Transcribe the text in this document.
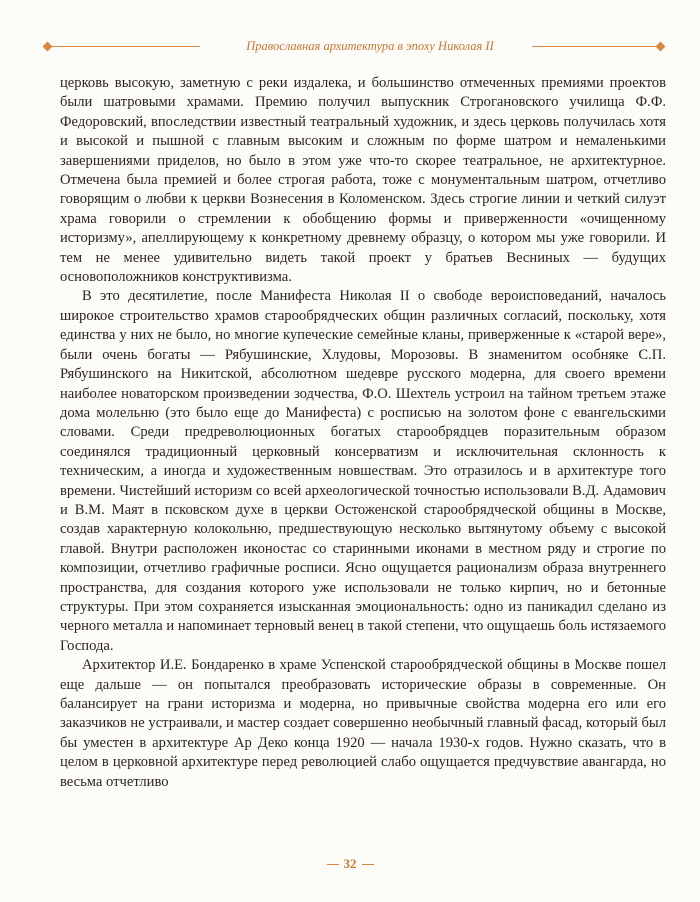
Православная архитектура в эпоху Николая II

церковь высокую, заметную с реки издалека, и большинство отмеченных премиями проектов были шатровыми храмами. Премию получил выпускник Строгановского училища Ф.Ф. Федоровский, впоследствии известный театральный художник, и здесь церковь получилась хотя и высокой и пышной с главным высоким и сложным по форме шатром и немаленькими завершениями приделов, но было в этом уже что-то скорее театральное, не архитектурное. Отмечена была премией и более строгая работа, тоже с монументальным шатром, отчетливо говорящим о любви к церкви Вознесения в Коломенском. Здесь строгие линии и четкий силуэт храма говорили о стремлении к обобщению формы и приверженности «очищенному историзму», апеллирующему к конкретному древнему образцу, о котором мы уже говорили. И тем не менее удивительно видеть такой проект у братьев Весниных — будущих основоположников конструктивизма.

В это десятилетие, после Манифеста Николая II о свободе вероисповеданий, началось широкое строительство храмов старообрядческих общин различных согласий, поскольку, хотя единства у них не было, но многие купеческие семейные кланы, приверженные к «старой вере», были очень богаты — Рябушинские, Хлудовы, Морозовы. В знаменитом особняке С.П. Рябушинского на Никитской, абсолютном шедевре русского модерна, для своего времени наиболее новаторском произведении зодчества, Ф.О. Шехтель устроил на тайном третьем этаже дома молельню (это было еще до Манифеста) с росписью на золотом фоне с евангельскими словами. Среди предреволюционных богатых старообрядцев поразительным образом соединялся традиционный церковный консерватизм и исключительная склонность к техническим, а иногда и художественным новшествам. Это отразилось и в архитектуре того времени. Чистейший историзм со всей археологической точностью использовали В.Д. Адамович и В.М. Маят в псковском духе в церкви Остоженской старообрядческой общины в Москве, создав характерную колокольню, предшествующую несколько вытянутому объему с высокой главой. Внутри расположен иконостас со старинными иконами в местном ряду и строгие по композиции, отчетливо графичные росписи. Ясно ощущается рационализм образа внутреннего пространства, для создания которого уже использовали не только кирпич, но и бетонные структуры. При этом сохраняется изысканная эмоциональность: одно из паникадил сделано из черного металла и напоминает терновый венец в такой степени, что ощущаешь боль истязаемого Господа.

Архитектор И.Е. Бондаренко в храме Успенской старообрядческой общины в Москве пошел еще дальше — он попытался преобразовать исторические образы в современные. Он балансирует на грани историзма и модерна, но привычные свойства модерна его или его заказчиков не устраивали, и мастер создает совершенно необычный главный фасад, который был бы уместен в архитектуре Ар Деко конца 1920 — начала 1930-х годов. Нужно сказать, что в целом в церковной архитектуре перед революцией слабо ощущается предчувствие авангарда, но весьма отчетливо

32
